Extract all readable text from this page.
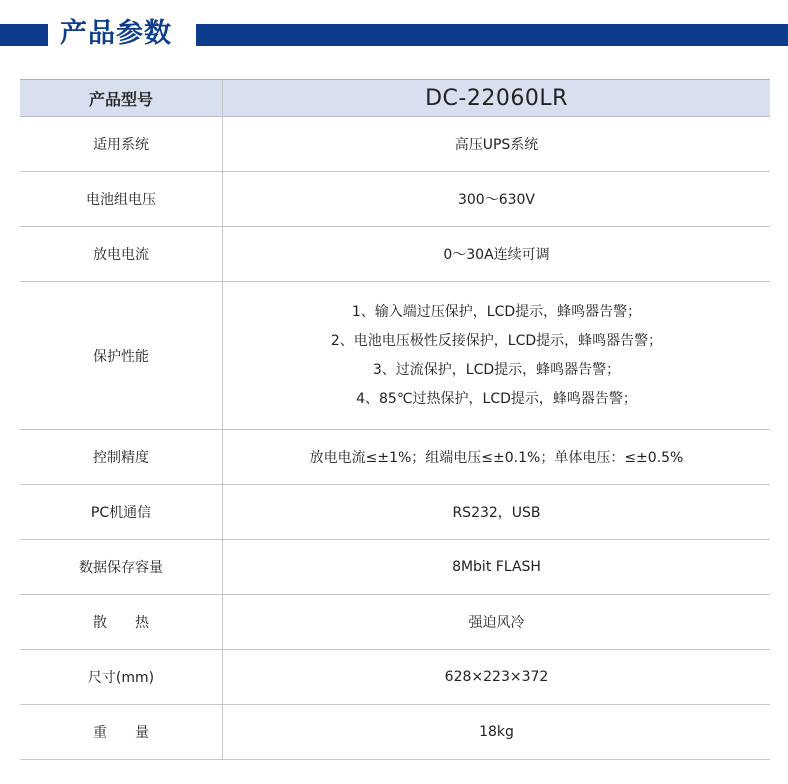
产品参数
产品型号	DC-22060LR
适用系统	高压UPS系统
电池组电压	300～630V
放电电流	0～30A连续可调
保护性能	1、输入端过压保护，LCD提示，蜂鸣器告警；
2、电池电压极性反接保护，LCD提示，蜂鸣器告警；
3、过流保护，LCD提示，蜂鸣器告警；
4、85℃过热保护，LCD提示，蜂鸣器告警；

控制精度	放电电流≤±1%；组端电压≤±0.1%；单体电压：≤±0.5%
PC机通信	RS232，USB
数据保存容量	8Mbit FLASH
散　　热	强迫风冷
尺寸(mm)	628×223×372
重　　量	18kg
